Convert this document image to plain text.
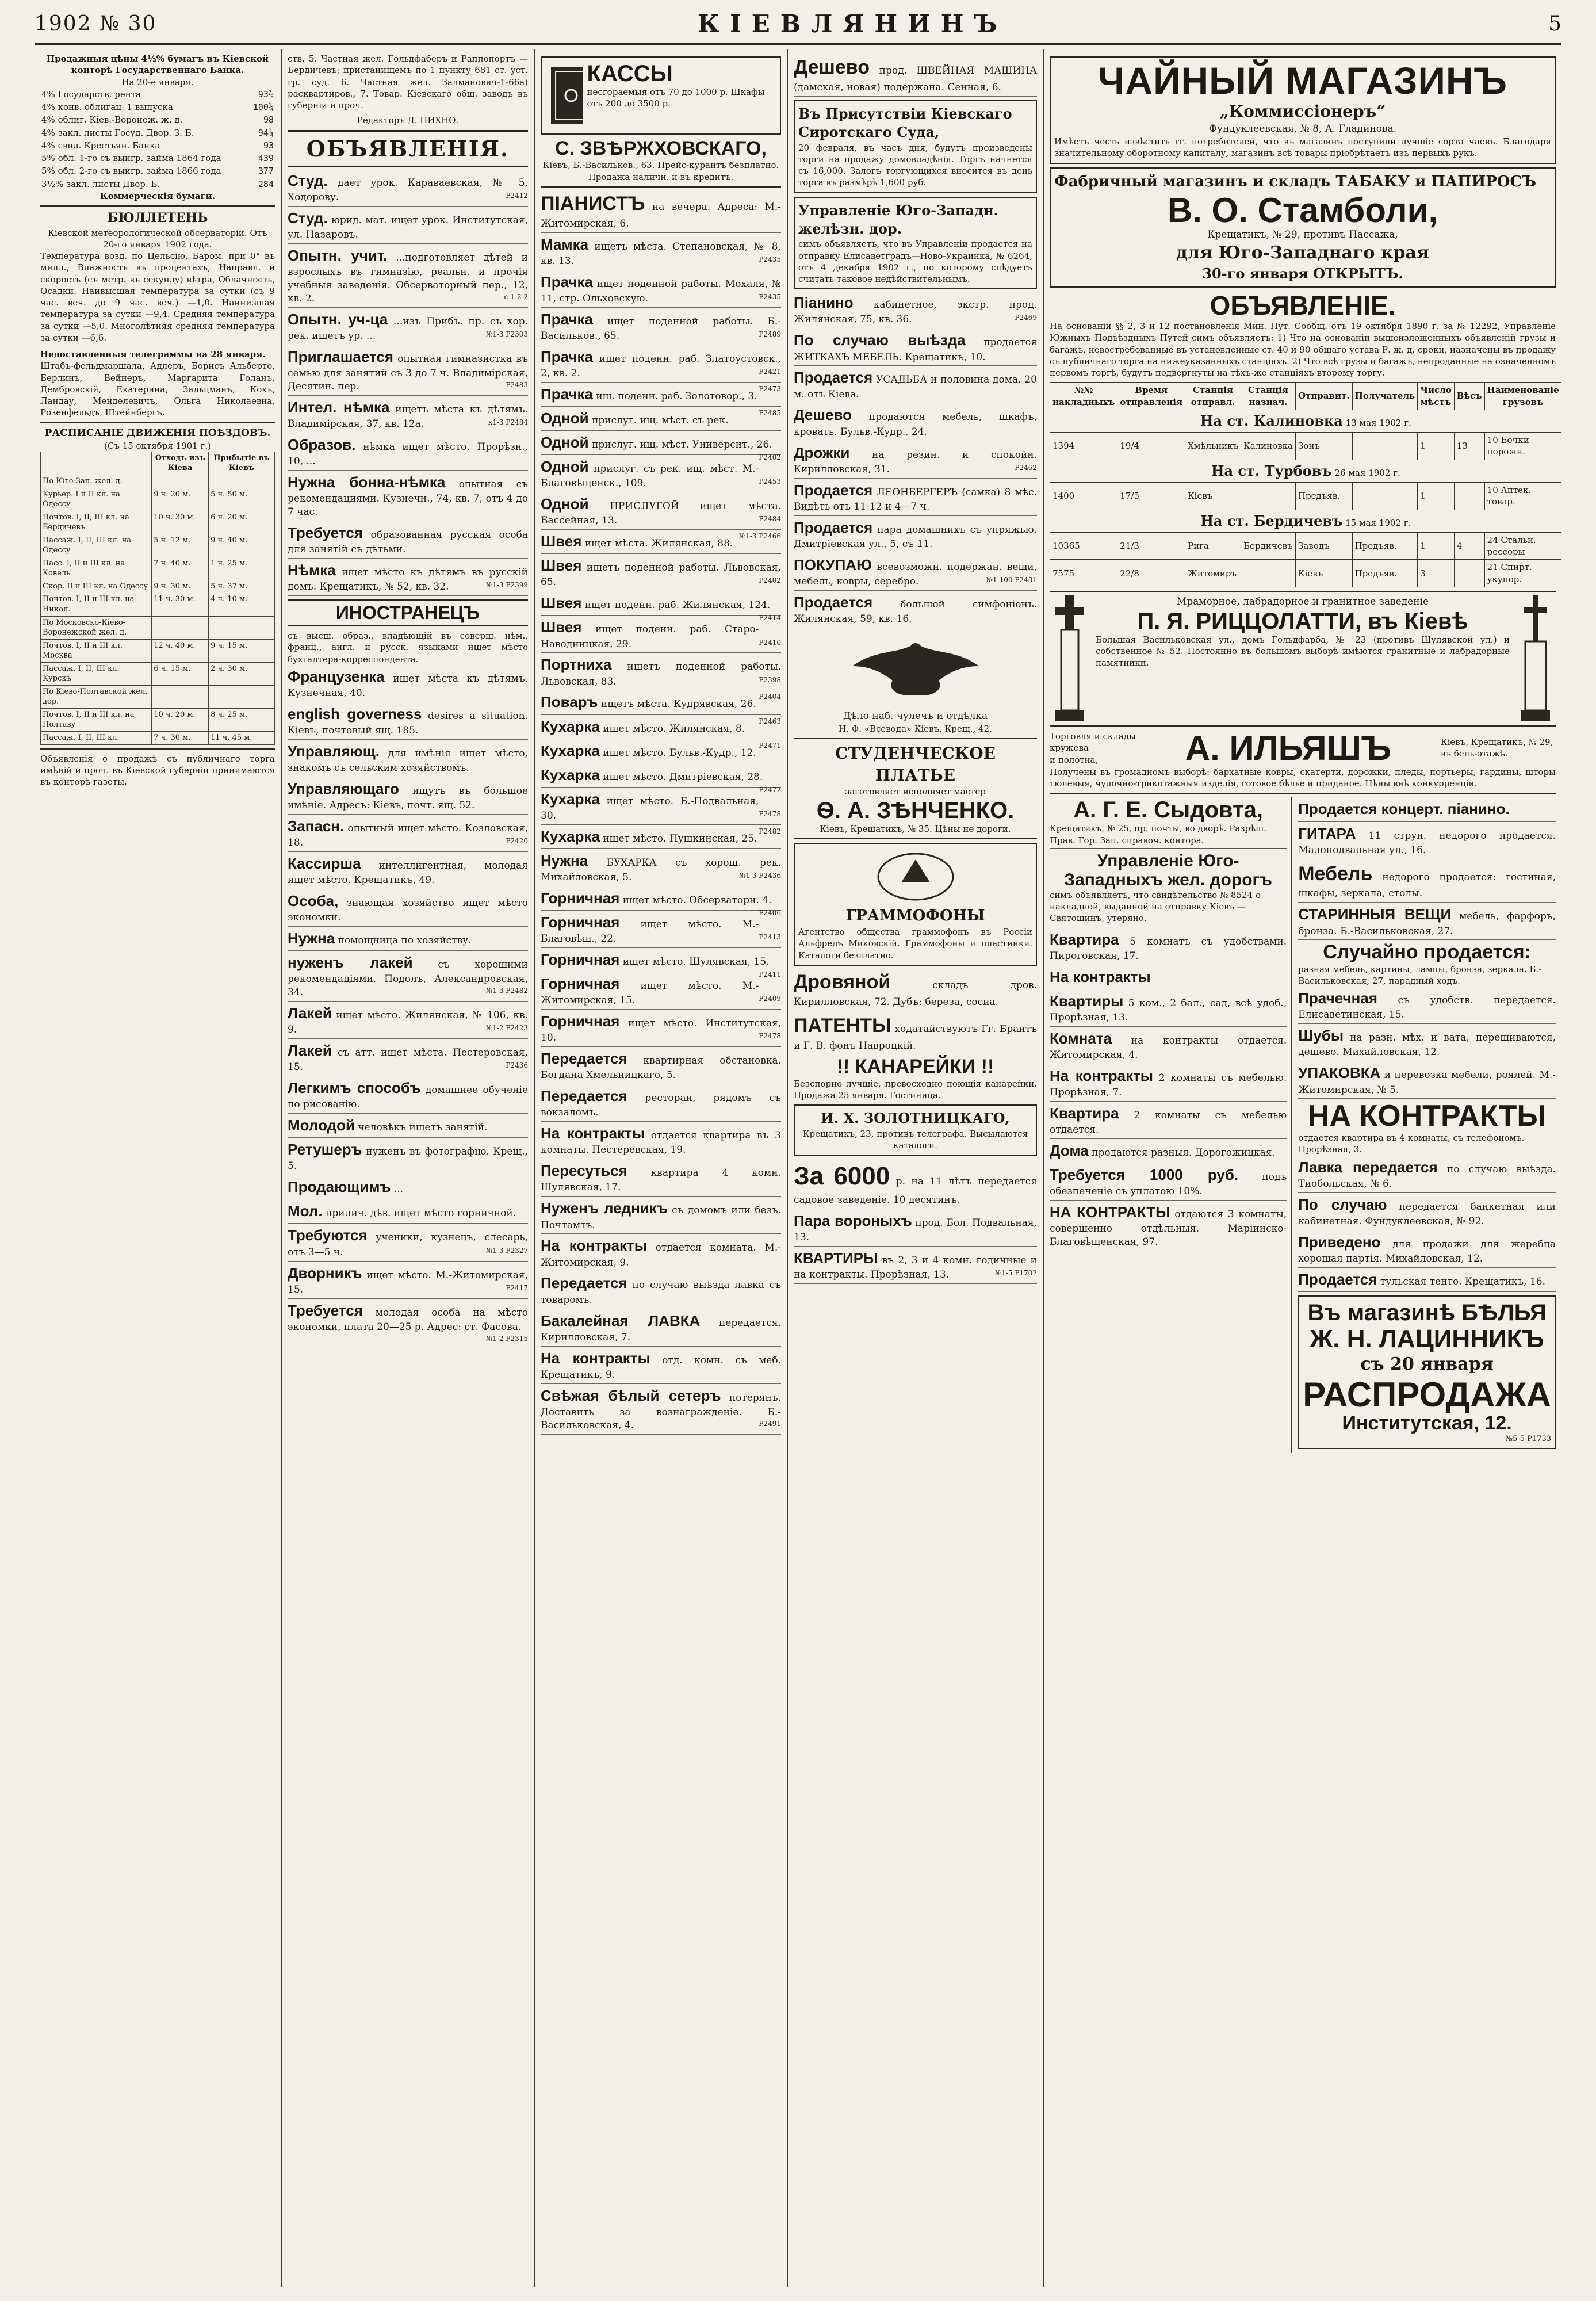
1902 № 30	КІЕВЛЯНИНЪ	5
Продажныя цѣны 4½% бумагъ въ Кіевской конторѣ Государственнаго Банка.
На 20-е января.
4% Государств. рента	93⅞
4% конв. облигац. 1 выпуска	100¼
4% облиг. Кіев.-Воронеж. ж. д.	98
4% закл. листы Госуд. Двор. З. Б.	94¼
4% свид. Крестьян. Банка	93
5% обл. 1-го съ выигр. займа 1864 года	439
5% обл. 2-го съ выигр. займа 1866 года	377
3½% закл. листы Двор. Б.	284
Коммерческія бумаги.
БЮЛЛЕТЕНЬ
Кіевской метеорологической обсерваторіи. Отъ 20-го января 1902 года.
Температура возд. по Цельсію, Баром. при 0° въ милл., Влажность въ процентахъ, Направл. и скорость (съ метр. въ секунду) вѣтра, Облачность, Осадки. Наивысшая температура за сутки (съ 9 час. веч. до 9 час. веч.) —1,0. Наинизшая температура за сутки —9,4. Средняя температура за сутки —5,0. Многолѣтняя средняя температура за сутки —6,6.
Недоставленныя телеграммы на 28 января.
Штабъ-фельдмаршала, Адлеръ, Борисъ Альберто, Берлинъ, Вейнеръ, Маргарита Голанъ, Дембровскій, Екатерина, Зальцманъ, Кохъ, Ландау, Менделевичъ, Ольга Николаевна, Розенфельдъ, Штейнбергъ.
РАСПИСАНІЕ ДВИЖЕНІЯ ПОѢЗДОВЪ.
(Съ 15 октября 1901 г.)
	Отходъ изъ Кіева	Прибытіе въ Кіевъ
По Юго-Зап. жел. д.		
Курьер. I и II кл. на Одессу	9 ч. 20 м.	5 ч. 50 м.
Почтов. I, II, III кл. на Бердичевъ	10 ч. 30 м.	6 ч. 20 м.
Пассаж. I, II, III кл. на Одессу	5 ч. 12 м.	9 ч. 40 м.
Пасс. I, II и III кл. на Ковель	7 ч. 40 м.	1 ч. 25 м.
Скор. II и III кл. на Одессу	9 ч. 30 м.	5 ч. 37 м.
Почтов. I, II и III кл. на Никол.	11 ч. 30 м.	4 ч. 10 м.
По Московско-Кіево-Воронежской жел. д.		
Почтов. I, II и III кл. Москва	12 ч. 40 м.	9 ч. 15 м.
Пассаж. I, II, III кл. Курскъ	6 ч. 15 м.	2 ч. 30 м.
По Кіево-Полтавской жел. дор.		
Почтов. I, II и III кл. на Полтаву	10 ч. 20 м.	8 ч. 25 м.
Пассаж. I, II, III кл.	7 ч. 30 м.	11 ч. 45 м.
Объявленія о продажѣ съ публичнаго торга имѣній и проч. въ Кіевской губерніи принимаются въ конторѣ газеты.
ств. 5. Частная жел. Гольдфаберъ и Раппопортъ —Бердичевъ; пристанищемъ по 1 пункту 681 ст. уст. гр. суд. 6. Частная жел. Залманович-1-66а) расквартиров., 7. Товар. Кіевскаго общ. заводъ въ губерніи и проч.
Редакторъ Д. ПИХНО.
ОБЪЯВЛЕНІЯ.
Студ. дает урок. Караваевская, № 5, Ходорову.	Р2412
Студ. юрид. мат. ищет урок. Институтская, ул. Назаровъ.
Опытн. учит. ...подготовляет дѣтей и взрослыхъ въ гимназію, реальн. и прочія учебныя заведенія. Обсерваторный пер., 12, кв. 2.	с-1-2 2
Опытн. уч-ца ...изъ Прибъ. пр. съ хор. рек. ищетъ ур. ...	№1-3 Р2303
Приглашается опытная гимназистка въ семью для занятий съ 3 до 7 ч. Владимірская, Десятин. пер.	Р2483
Интел. нѣмка ищетъ мѣста къ дѣтямъ. Владимірская, 37, кв. 12а.	к1-3 Р2484
Образов. нѣмка ищет мѣсто. Прорѣзн., 10, ...
Нужна бонна-нѣмка опытная съ рекомендациями. Кузнечн., 74, кв. 7, отъ 4 до 7 час.
Требуется образованная русская особа для занятій съ дѣтьми.
Нѣмка ищет мѣсто къ дѣтямъ въ русскій домъ. Крещатикъ, № 52, кв. 32.	№1-3 Р2399
ИНОСТРАНЕЦЪ
съ высш. образ., владѣющій въ соверш. нѣм., франц., англ. и русск. языками ищет мѣсто бухгалтера-корреспондента.
Французенка ищет мѣста къ дѣтямъ. Кузнечная, 40.
english governess desires a situation. Кіевъ, почтовый ящ. 185.
Управляющ. для имѣнія ищет мѣсто, знакомъ съ сельским хозяйствомъ.
Управляющаго ищутъ въ большое имѣніе. Адресъ: Кіевъ, почт. ящ. 52.
Запасн. опытный ищет мѣсто. Козловская, 18.	Р2420
Кассирша интеллигентная, молодая ищет мѣсто. Крещатикъ, 49.
Особа, знающая хозяйство ищет мѣсто экономки.
Нужна помощница по хозяйству.
нуженъ лакей	съ хорошими рекомендаціями. Подолъ, Александровская, 34.	№1-3 Р2482
Лакей ищет мѣсто. Жилянская, № 106, кв. 9.	№1-2 Р2423
Лакей съ атт. ищет мѣста. Пестеровская, 15.	Р2436
Легкимъ способъ домашнее обученіе по рисованію.
Молодой человѣкъ ищетъ занятій.
Ретушеръ нуженъ въ фотографію. Крещ., 5.
Продающимъ ...
Мол. прилич. дѣв. ищет мѣсто горничной.
Требуются ученики, кузнецъ, слесарь, отъ 3—5 ч.	№1-3 Р2327
Дворникъ ищет мѣсто. М.-Житомирская, 15.	Р2417
Требуется молодая особа на мѣсто экономки, плата 20—25 р. Адрес: ст. Фасова.
№1-2 Р2315
КАССЫ
несгораемыя отъ 70 до 1000 р. Шкафы отъ 200 до 3500 р.
С. ЗВѢРЖХОВСКАГО,
Кіевъ, Б.-Васильков., 63. Прейс-курантъ безплатно. Продажа наличн. и въ кредитъ.
ПІАНИСТЪ на вечера. Адреса: М.-Житомирская, 6.
Мамка ищетъ мѣста. Степановская, № 8, кв. 13.	Р2435
Прачка ищет поденной работы. Мохаля, № 11, стр. Ольховскую.	Р2435
Прачка ищет поденной работы. Б.-Васильков., 65.	Р2489
Прачка ищет поденн. раб. Златоустовск., 2, кв. 2.	Р2421
Прачка ищ. поденн. раб. Золотовор., 3.
Р2473
Одной прислуг. ищ. мѣст. съ рек.
Р2485
Одной прислуг. ищ. мѣст. Университ., 26.
Р2402
Одной прислуг. съ рек. ищ. мѣст. М.-Благовѣщенск., 109.	Р2453
Одной ПРИСЛУГОЙ ищет мѣста. Бассейная, 13.	Р2484
Швея ищет мѣста. Жилянская, 88.
№1-3 Р2466
Швея ищетъ поденной работы. Львовская, 65.	Р2402
Швея ищет поденн. раб. Жилянская, 124.
Р2414
Швея ищет поденн. раб. Старо-Наводницкая, 29.	Р2410
Портниха ищетъ поденной работы. Львовская, 83.	Р2398
Поваръ ищетъ мѣста. Кудрявская, 26.
Р2404
Кухарка ищет мѣсто. Жилянская, 8.
Р2463
Кухарка ищет мѣсто. Бульв.-Кудр., 12.
Р2471
Кухарка ищет мѣсто. Дмитріевская, 28.
Р2472
Кухарка ищет мѣсто. Б.-Подвальная, 30.	Р2478
Кухарка ищет мѣсто. Пушкинская, 25.
Р2482
Нужна БУХАРКА съ хорош. рек. Михайловская, 5.	№1-3 Р2436
Горничная ищет мѣсто. Обсерваторн. 4.
Р2406
Горничная ищет мѣсто. М.-Благовѣщ., 22.	Р2413
Горничная ищет мѣсто. Шулявская, 15.
Р2411
Горничная ищет мѣсто. М.-Житомирская, 15.	Р2409
Горничная ищет мѣсто. Институтская, 10.	Р2478
Передается квартирная обстановка. Богдана Хмельницкаго, 5.
Передается ресторан, рядомъ съ вокзаломъ.
На контракты отдается квартира въ 3 комнаты. Пестеревская, 19.
Пересуться квартира 4 комн. Шулявская, 17.
Нуженъ ледникъ съ домомъ или безъ. Почтамтъ.
На контракты отдается комната. М.-Житомирская, 9.
Передается по случаю выѣзда лавка съ товаромъ.
Бакалейная ЛАВКА передается. Кирилловская, 7.
На контракты отд. комн. съ меб. Крещатикъ, 9.
Свѣжая бѣлый сетеръ потерянъ. Доставить за вознагражденіе. Б.-Васильковская, 4.	Р2491
Дешево прод. ШВЕЙНАЯ МАШИНА (дамская, новая) подержана. Сенная, 6.
Въ Присутствіи Кіевскаго Сиротскаго Суда,
20 февраля, въ часъ дня, будутъ произведены торги на продажу домовладѣнія. Торгъ начнется съ 16,000. Залогъ торгующихся вносится въ день торга въ размѣрѣ 1,600 руб.
Управленіе Юго-Западн. желѣзн. дор.
симъ объявляетъ, что въ Управленіи продается на отправку Елисаветградъ—Ново-Украинка, № 6264, отъ 4 декабря 1902 г., по которому слѣдуетъ считать таковое недѣйствительнымъ.
Піанино кабинетное, экстр. прод. Жилянская, 75, кв. 36.	Р2469
По случаю выѣзда продается ЖИТКАХЪ МЕБЕЛЬ. Крещатикъ, 10.
Продается УСАДЬБА и половина дома, 20 м. отъ Кіева.
Дешево продаются мебель, шкафъ, кровать. Бульв.-Кудр., 24.
Дрожки на резин. и спокойн. Кирилловская, 31.	Р2462
Продается ЛЕОНБЕРГЕРЪ (самка) 8 мѣс. Видѣть отъ 11-12 и 4—7 ч.
Продается пара домашнихъ съ упряжью. Дмитріевская ул., 5, съ 11.
ПОКУПАЮ всевозможн. подержан. вещи, мебель, ковры, серебро.	№1-100 Р2431
Продается	большой симфоніонъ. Жилянская, 59, кв. 16.
Дѣло наб. чулечъ и отдѣлка
Н. Ф. «Всевода» Кіевъ, Крещ., 42.
СТУДЕНЧЕСКОЕ ПЛАТЬЕ
заготовляет исполняет мастер
Ѳ. А. ЗѢНЧЕНКО.
Кіевъ, Крещатикъ, № 35. Цѣны не дороги.
ГРАММОФОНЫ
Агентство общества граммофонъ въ Россіи Альфредъ Миковскій. Граммофоны и пластинки. Каталоги безплатно.
Дровяной	складъ дров. Кирилловская, 72. Дубъ: береза, сосна.
ПАТЕНТЫ ходатайствуютъ Гг. Брантъ и Г. В. фонъ Навроцкій.
!! КАНАРЕЙКИ !!
Безспорно лучшіе, превосходно поющія канарейки. Продажа 25 января. Гостиница.
И. Х. ЗОЛОТНИЦКАГО,
Крещатикъ, 23, противъ телеграфа. Высылаются каталоги.
За 6000 р. на 11 лѣтъ передается садовое заведеніе. 10 десятинъ.
Пара вороныхъ прод. Бол. Подвальная, 13.
КВАРТИРЫ въ 2, 3 и 4 комн. годичные и на контракты. Прорѣзная, 13.	№1-5 Р1702
ЧАЙНЫЙ МАГАЗИНЪ
„Коммиссіонеръ“
Фундуклеевская, № 8, А. Гладинова.
Имѣетъ честь извѣстить гг. потребителей, что въ магазинъ поступили лучшіе сорта чаевъ. Благодаря значительному оборотному капиталу, магазинъ всѣ товары пріобрѣтаетъ изъ первыхъ рукъ.
Фабричный магазинъ и складъ ТАБАКУ и ПАПИРОСЪ
В. О. Стамболи,
Крещатикъ, № 29, противъ Пассажа,
для Юго-Западнаго края
30-го января ОТКРЫТЪ.
ОБЪЯВЛЕНІЕ.
На основаніи §§ 2, 3 и 12 постановленія Мин. Пут. Сообщ. отъ 19 октября 1890 г. за № 12292, Управленіе Южныхъ Подъѣздныхъ Путей симъ объявляетъ: 1) Что на основаніи вышеизложенныхъ объявленій грузы и багажъ, невостребованные въ установленные ст. 40 и 90 общаго устава Р. ж. д. сроки, назначены въ продажу съ публичнаго торга на нижеуказанныхъ станціяхъ. 2) Что всѣ грузы и багажъ, непроданные на означенномъ первомъ торгѣ, будутъ подвергнуты на тѣхъ-же станціяхъ второму торгу.
№№ накладныхъ	Время отправленія	Станція отправл.	Станція назнач.	Отправит.	Получатель	Число мѣстъ	Вѣсъ	Наименованіе грузовъ
На ст. Калиновка 13 мая 1902 г.								
1394	19/4	Хмѣльникъ	Калиновка	Зонъ		1	13	10 Бочки порожн.
На ст. Турбовъ 26 мая 1902 г.								
1400	17/5	Кіевъ		Предъяв.		1		10 Аптек. товар.
На ст. Бердичевъ 15 мая 1902 г.								
10365	21/3	Рига	Бердичевъ	Заводъ	Предъяв.	1	4	24 Стальн. рессоры
7575	22/8	Житомиръ		Кіевъ	Предъяв.	3		21 Спирт. укупор.
Мраморное, лабрадорное и гранитное заведеніе
П. Я. РИЦЦОЛАТТИ, въ Кіевѣ
Большая Васильковская ул., домъ Гольдфарба, № 23 (противъ Шулявской ул.) и собственное № 52. Постоянно въ большомъ выборѣ имѣются гранитные и лабрадорные памятники.
Торговля и склады
кружева
и полотна,	А. ИЛЬЯШЪ	Кіевъ, Крещатикъ, № 29, въ бель-этажѣ.
Получены въ громадномъ выборѣ: бархатные ковры, скатерти, дорожки, пледы, портьеры, гардины, шторы тюлевыя, чулочно-трикотажныя изделія, готовое бѣлье и приданое. Цѣны внѣ конкурренціи.
А. Г. Е. Сыдовта,
Крещатикъ, № 25, пр. почты, во дворѣ. Разрѣш. Прав. Гор. Зап. справоч. контора.
Управленіе Юго-Западныхъ жел. дорогъ
симъ объявляетъ, что свидѣтельство № 8524 о накладной, выданной на отправку Кіевъ — Святошинъ, утеряно.
Квартира 5 комнатъ съ удобствами. Пироговская, 17.
На контракты
Квартиры 5 ком., 2 бал., сад, всѣ удоб., Прорѣзная, 13.
Комната на контракты отдается. Житомирская, 4.
На контракты 2 комнаты съ мебелью. Прорѣзная, 7.
Квартира 2 комнаты съ мебелью отдается.
Дома продаются разныя. Дорогожицкая.
Требуется 1000 руб. подъ обезпеченіе съ уплатою 10%.
НА КОНТРАКТЫ отдаются 3 комнаты, совершенно отдѣльныя. Маріинско-Благовѣщенская, 97.
Продается концерт. піанино.
ГИТАРА 11 струн. недорого продается. Малоподвальная ул., 16.
Мебель недорого продается: гостиная, шкафы, зеркала, столы.
СТАРИННЫЯ ВЕЩИ мебель, фарфоръ, бронза. Б.-Васильковская, 27.
Случайно продается:
разная мебель, картины, лампы, бронза, зеркала. Б.-Васильковская, 27, парадный ходъ.
Прачечная съ удобств. передается. Елисаветинская, 15.
Шубы на разн. мѣх. и вата, перешиваются, дешево. Михайловская, 12.
УПАКОВКА и перевозка мебели, роялей. М.-Житомирская, № 5.
НА КОНТРАКТЫ
отдается квартира въ 4 комнаты, съ телефономъ. Прорѣзная, 3.
Лавка передается по случаю выѣзда. Тиобольская, № 6.
По случаю передается банкетная или кабинетная. Фундуклеевская, № 92.
Приведено для продажи для жеребца хорошая партія. Михайловская, 12.
Продается тульская тенто. Крещатикъ, 16.
Въ магазинѣ БѢЛЬЯ
Ж. Н. ЛАЦИННИКЪ
съ 20 января
РАСПРОДАЖА
Институтская, 12.
№5-5 Р1733
